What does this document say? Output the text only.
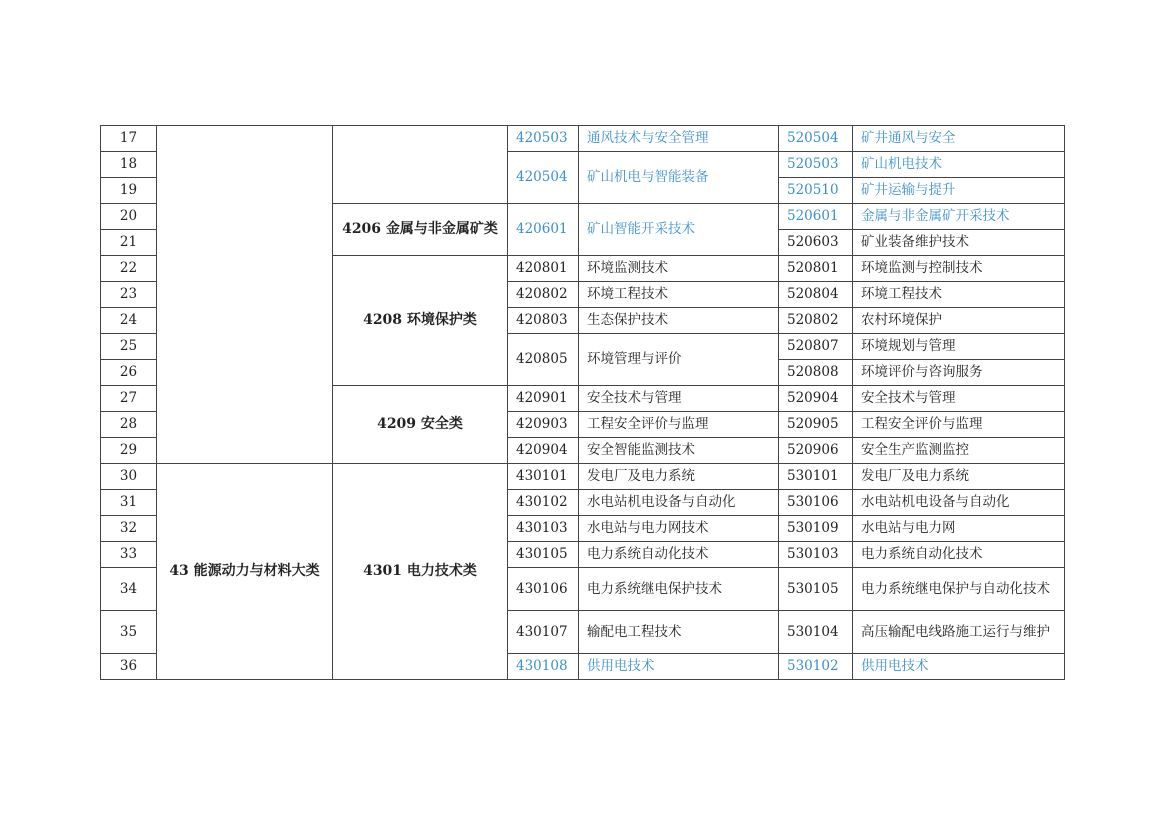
17			420503	通风技术与安全管理	520504	矿井通风与安全
18			420504	矿山机电与智能装备	520503	矿山机电技术
19					520510	矿井运输与提升
20		4206 金属与非金属矿类	420601	矿山智能开采技术	520601	金属与非金属矿开采技术
21					520603	矿业装备维护技术
22		4208 环境保护类	420801	环境监测技术	520801	环境监测与控制技术
23			420802	环境工程技术	520804	环境工程技术
24			420803	生态保护技术	520802	农村环境保护
25			420805	环境管理与评价	520807	环境规划与管理
26					520808	环境评价与咨询服务
27		4209 安全类	420901	安全技术与管理	520904	安全技术与管理
28			420903	工程安全评价与监理	520905	工程安全评价与监理
29			420904	安全智能监测技术	520906	安全生产监测监控
30	43 能源动力与材料大类	4301 电力技术类	430101	发电厂及电力系统	530101	发电厂及电力系统
31			430102	水电站机电设备与自动化	530106	水电站机电设备与自动化
32			430103	水电站与电力网技术	530109	水电站与电力网
33			430105	电力系统自动化技术	530103	电力系统自动化技术
34			430106	电力系统继电保护技术	530105	电力系统继电保护与自动化技术
35			430107	输配电工程技术	530104	高压输配电线路施工运行与维护
36			430108	供用电技术	530102	供用电技术
